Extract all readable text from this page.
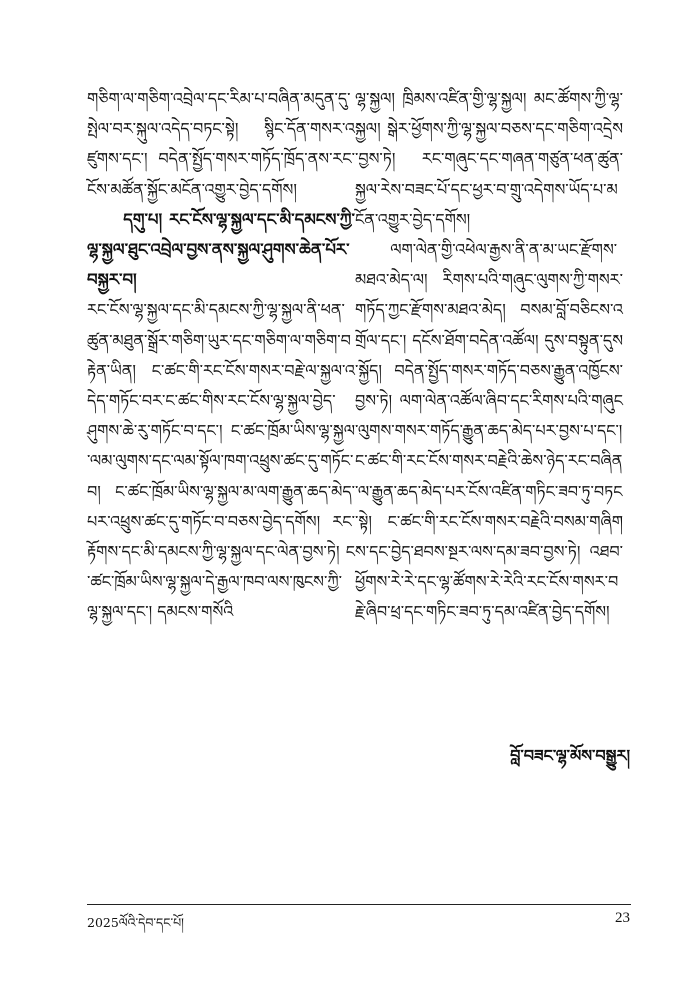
གཅིག་ལ་གཅིག་འབྲེལ་དང་རིམ་པ་བཞིན་མདུན་དུ་སྤེལ་བར་སྐུལ་འདེད་བཏང་སྟེ། སྙིང་དོན་གསར་འཛུགས་དང་། བདེན་སྤྱོད་གསར་གཏོད་ཁྲོད་ནས་རང་ངོས་མཚོན་སྐྱོང་མངོན་འགྱུར་བྱེད་དགོས།

དགུ་པ། རང་ངོས་ལྷ་སྐྱལ་དང་མི་དམངས་ཀྱི་ལྷ་སྐྱལ་ཐུང་འབྲེལ་བྱས་ནས་སྐྱལ་ཤུགས་ཆེན་པོར་བསྐྱར་བ།

རང་ངོས་ལྷ་སྐྱལ་དང་མི་དམངས་ཀྱི་ལྷ་སྐྱལ་ནི་ཕན་ཚུན་མཐུན་སྒྲོར་གཅིག་ཡུར་དང་གཅིག་ལ་གཅིག་བརྟེན་ཡིན། ང་ཚང་གི་རང་ངོས་གསར་བརྗེ་ལ་སྐྱལ་འདེད་གཏོང་བར་ང་ཚང་གིས་རང་ངོས་ལྷ་སྐྱལ་བྱེད་ཤུགས་ཆེ་རུ་གཏོང་བ་དང་། ང་ཚང་ཁྲོམ་ཡིས་ལྷ་སྐྱལ་ལམ་ལུགས་དང་ལམ་སྟོལ་ཁག་འཕྲུས་ཚང་དུ་གཏོང་བ། ང་ཚང་ཁྲོམ་ཡིས་ལྷ་སྐྱལ་མ་ལག་རྒྱུན་ཆད་མེད་པར་འཕྲུས་ཚང་དུ་གཏོང་བ་བཅས་བྱེད་དགོས། རང་རྟོགས་དང་མི་དམངས་ཀྱི་ལྷ་སྐྱལ་དང་ལེན་བྱས་ཏེ། ང་ཚང་ཁྲོམ་ཡིས་ལྷ་སྐྱལ་དེ་རྒྱལ་ཁབ་ལས་ཁུངས་ཀྱི་ལྷ་སྐྱལ་དང་། དམངས་གསོའི

ལྷ་སྐྱལ། ཁྲིམས་འཛིན་གྱི་ལྷ་སྐྱལ། མང་ཚོགས་ཀྱི་ལྷ་སྐྱལ། སྒེར་ཕྱོགས་ཀྱི་ལྷ་སྐྱལ་བཅས་དང་གཅིག་འདྲེས་བྱས་ཏེ། རང་གཞུང་དང་གཞན་གཙུན་ཕན་ཚུན་སྐྱལ་རེས་བཟང་པོ་དང་ཕྱར་བ་གྲུ་འདེགས་ཡོད་པ་མངོན་འགྱུར་བྱེད་དགོས།

ལག་ལེན་གྱི་འཕེལ་རྒྱས་ནི་ན་མ་ཡང་རྫོགས་མཐའ་མེད་ལ། རིགས་པའི་གཞུང་ལུགས་ཀྱི་གསར་གཏོད་ཀྱང་རྫོགས་མཐའ་མེད། བསམ་བློ་བཅིངས་འགྲོལ་དང་། དངོས་ཐོག་བདེན་འཚོལ། དུས་བསྟུན་དུས་སྐྱོད། བདེན་སྤྱོད་གསར་གཏོད་བཅས་རྒྱུན་འཁྱོངས་བྱས་ཏེ། ལག་ལེན་འཚོལ་ཞིབ་དང་རིགས་པའི་གཞུང་ལུགས་གསར་གཏོད་རྒྱུན་ཆད་མེད་པར་བྱས་པ་དང་། ང་ཚང་གི་རང་ངོས་གསར་བརྗེའི་ཆེས་ཉེད་རང་བཞིན་ལ་རྒྱུན་ཆད་མེད་པར་ངོས་འཛིན་གཏིང་ཟབ་ཏུ་བཏང་སྟེ། ང་ཚང་གི་རང་ངོས་གསར་བརྗེའི་བསམ་གཞིགས་དང་བྱེད་ཐབས་སྔར་ལས་དམ་ཟབ་བྱས་ཏེ། འཐབ་ཕྱོགས་རེ་རེ་དང་ལྷ་ཚོགས་རེ་རེའི་རང་ངོས་གསར་བརྗེ་ཞིབ་ཕྲ་དང་གཏིང་ཟབ་ཏུ་དམ་འཛིན་བྱེད་དགོས།

བློ་བཟང་ལྷ་མོས་བསྒྱུར།
2025ལོའི་དེབ་དང་པོ།	23
